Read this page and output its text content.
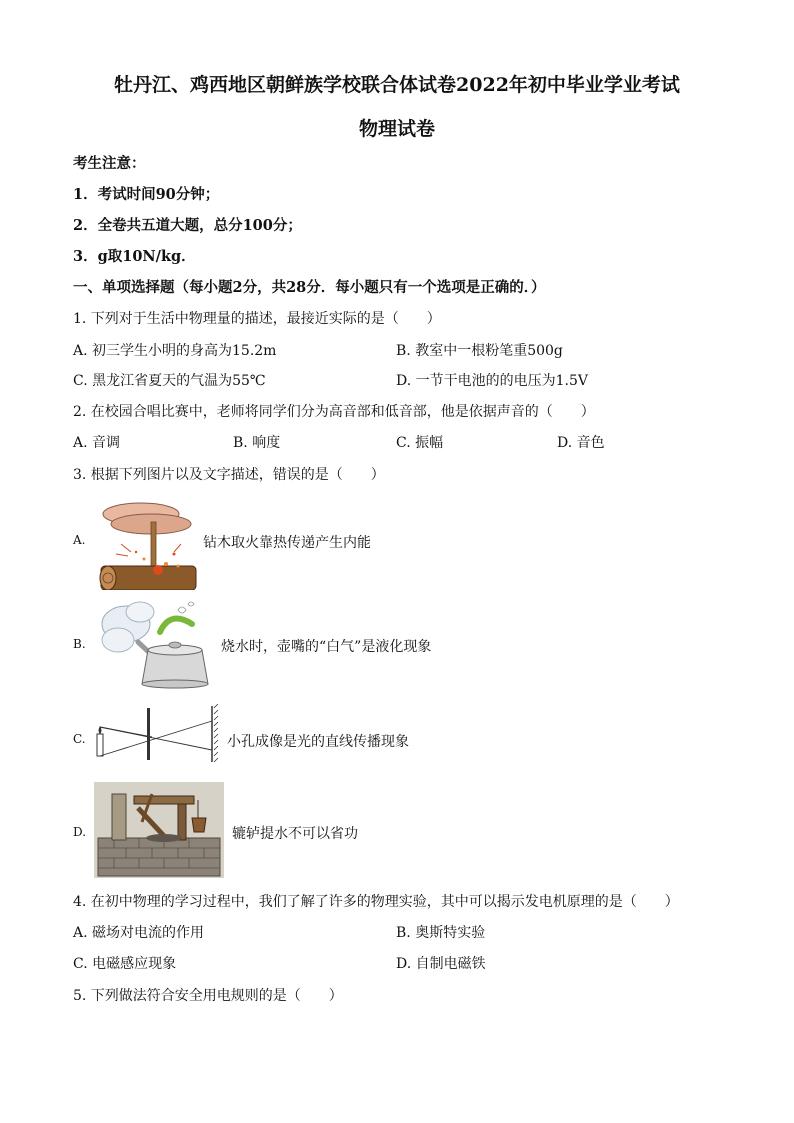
牡丹江、鸡西地区朝鲜族学校联合体试卷2022年初中毕业学业考试
物理试卷
考生注意：
1．考试时间90分钟；
2．全卷共五道大题，总分100分；
3．g取10N/kg．
一、单项选择题（每小题2分，共28分．每小题只有一个选项是正确的．）
1. 下列对于生活中物理量的描述，最接近实际的是（　　）
A. 初三学生小明的身高为15.2m	B. 教室中一根粉笔重500g
C. 黑龙江省夏天的气温为55℃	D. 一节干电池的的电压为1.5V
2. 在校园合唱比赛中，老师将同学们分为高音部和低音部，他是依据声音的（　　）
A. 音调	B. 响度	C. 振幅	D. 音色
3. 根据下列图片以及文字描述，错误的是（　　）
A.	钻木取火靠热传递产生内能
B.	烧水时，壶嘴的“白气”是液化现象
C.	小孔成像是光的直线传播现象
D.	辘轳提水不可以省功
4. 在初中物理的学习过程中，我们了解了许多的物理实验，其中可以揭示发电机原理的是（　　）
A. 磁场对电流的作用	B. 奥斯特实验
C. 电磁感应现象	D. 自制电磁铁
5. 下列做法符合安全用电规则的是（　　）
